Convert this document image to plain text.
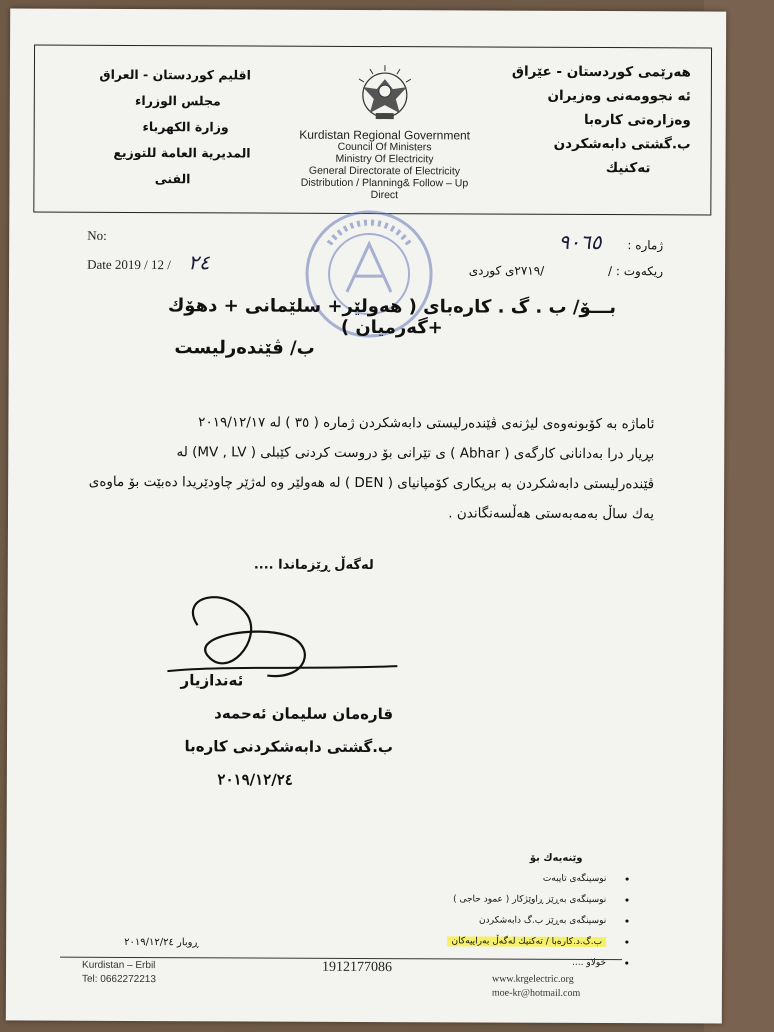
هەرێمی کوردستان - عێراق
ئه نجوومەنی وەزیران
وەزارەتی کارەبا
ب.گشتی دابەشکردن
تەکنیك
Kurdistan Regional Government
Council Of Ministers
Ministry Of Electricity
General Directorate of Electricity
Distribution / Planning& Follow – Up
Direct
اقليم كوردستان - العراق
مجلس الوزراء
وزارة الكهرباء
المديرية العامة للتوزيع
الفنى
No:
Date 2019 / 12 / ٢٤
ژماره : ٩٠٦٥
ریكەوت : / /٢٧١٩ى كوردى
بـــۆ/ ب . گ . كارەباى ( هەولێر+ سلێمانى + دهۆك +گەرمیان )
ب/ ڤێندەرلیست
ئاماژە بە كۆبونەوەى لیژنەى ڤێندەرلیستى دابەشكردن ژمارە ( ٣٥ ) لە ٢٠١٩/١٢/١٧
بڕیار درا بەدانانى كارگەى ( Abhar ) ى تێرانى بۆ دروست كردنى كێبلى ( MV , LV) لە
ڤێندەرلیستى دابەشكردن بە بریكارى كۆمپانیاى ( DEN ) لە هەولێر وە لەژێر چاودێریدا دەبێت بۆ ماوەى
یەك ساڵ بەمەبەستى هەڵسەنگاندن .
لەگەڵ ڕێزماندا ....
ئەندازیار
قارەمان سلیمان ئەحمەد
ب.گشتى دابەشكردنى كارەبا
٢٠١٩/١٢/٢٤
وێنەیەك بۆ
نوسینگەى تایبەت •
نوسینگەى بەڕێز ڕاوێژكار ( عمود حاجى ) •
نوسینگەى بەڕێز ب.گ دابەشكردن •
ب.گ.د.كارەبا / تەكنیك لەگەڵ بەراییەكان •
خولاو .... •
ڕوبار ٢٠١٩/١٢/٢٤
Kurdistan – Erbil
Tel: 0662272213
1912177086
www.krgelectric.org
moe-kr@hotmail.com
